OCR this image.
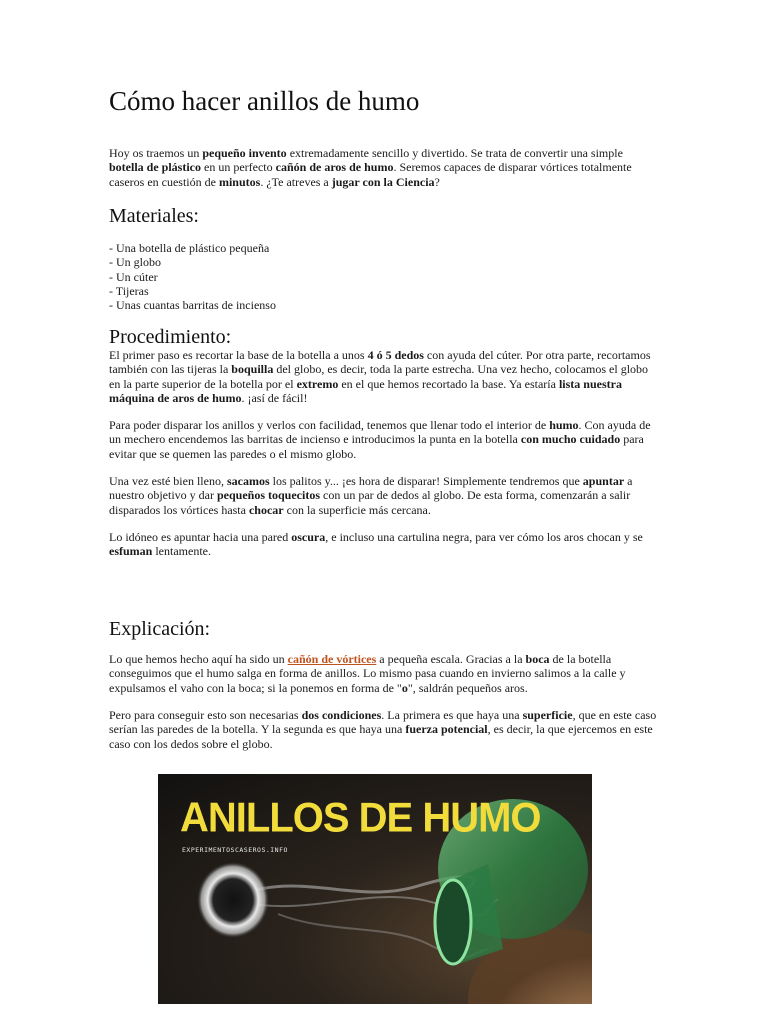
Cómo hacer anillos de humo

Hoy os traemos un pequeño invento extremadamente sencillo y divertido. Se trata de convertir una simple botella de plástico en un perfecto cañón de aros de humo. Seremos capaces de disparar vórtices totalmente caseros en cuestión de minutos. ¿Te atreves a jugar con la Ciencia?

Materiales:
- Una botella de plástico pequeña
- Un globo
- Un cúter
- Tijeras
- Unas cuantas barritas de incienso
Procedimiento:

El primer paso es recortar la base de la botella a unos 4 ó 5 dedos con ayuda del cúter. Por otra parte, recortamos también con las tijeras la boquilla del globo, es decir, toda la parte estrecha. Una vez hecho, colocamos el globo en la parte superior de la botella por el extremo en el que hemos recortado la base. Ya estaría lista nuestra máquina de aros de humo. ¡así de fácil!

Para poder disparar los anillos y verlos con facilidad, tenemos que llenar todo el interior de humo. Con ayuda de un mechero encendemos las barritas de incienso e introducimos la punta en la botella con mucho cuidado para evitar que se quemen las paredes o el mismo globo.

Una vez esté bien lleno, sacamos los palitos y... ¡es hora de disparar! Simplemente tendremos que apuntar a nuestro objetivo y dar pequeños toquecitos con un par de dedos al globo. De esta forma, comenzarán a salir disparados los vórtices hasta chocar con la superficie más cercana.

Lo idóneo es apuntar hacia una pared oscura, e incluso una cartulina negra, para ver cómo los aros chocan y se esfuman lentamente.

Explicación:

Lo que hemos hecho aquí ha sido un cañón de vórtices a pequeña escala. Gracias a la boca de la botella conseguimos que el humo salga en forma de anillos. Lo mismo pasa cuando en invierno salimos a la calle y expulsamos el vaho con la boca; si la ponemos en forma de "o", saldrán pequeños aros.

Pero para conseguir esto son necesarias dos condiciones. La primera es que haya una superficie, que en este caso serían las paredes de la botella. Y la segunda es que haya una fuerza potencial, es decir, la que ejercemos en este caso con los dedos sobre el globo.

ANILLOS DE HUMO
EXPERIMENTOSCASEROS.INFO
